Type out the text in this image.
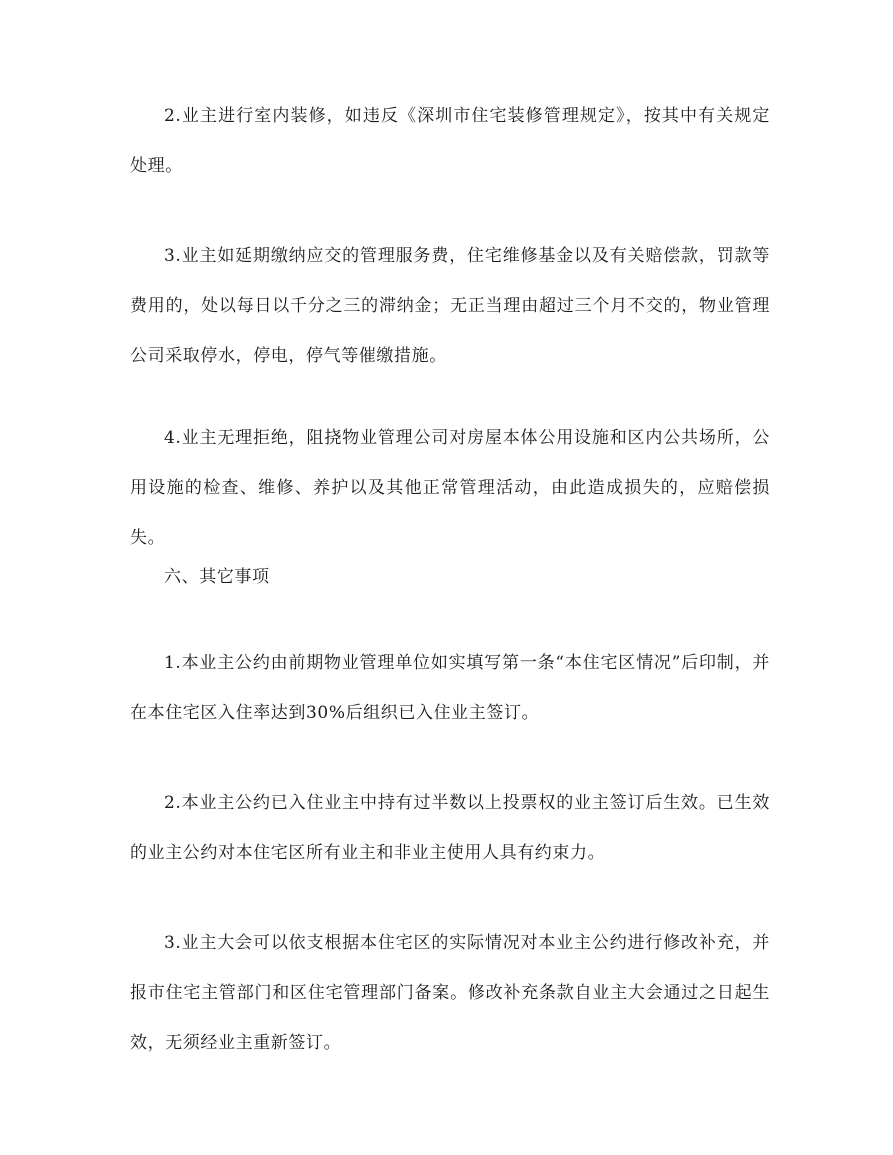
2.业主进行室内装修，如违反《深圳市住宅装修管理规定》，按其中有关规定处理。

3.业主如延期缴纳应交的管理服务费，住宅维修基金以及有关赔偿款，罚款等费用的，处以每日以千分之三的滞纳金；无正当理由超过三个月不交的，物业管理公司采取停水，停电，停气等催缴措施。

4.业主无理拒绝，阻挠物业管理公司对房屋本体公用设施和区内公共场所，公用设施的检查、维修、养护以及其他正常管理活动，由此造成损失的，应赔偿损失。

六、其它事项

1.本业主公约由前期物业管理单位如实填写第一条“本住宅区情况”后印制，并在本住宅区入住率达到30%后组织已入住业主签订。

2.本业主公约已入住业主中持有过半数以上投票权的业主签订后生效。已生效的业主公约对本住宅区所有业主和非业主使用人具有约束力。

3.业主大会可以依支根据本住宅区的实际情况对本业主公约进行修改补充，并报市住宅主管部门和区住宅管理部门备案。修改补充条款自业主大会通过之日起生效，无须经业主重新签订。
